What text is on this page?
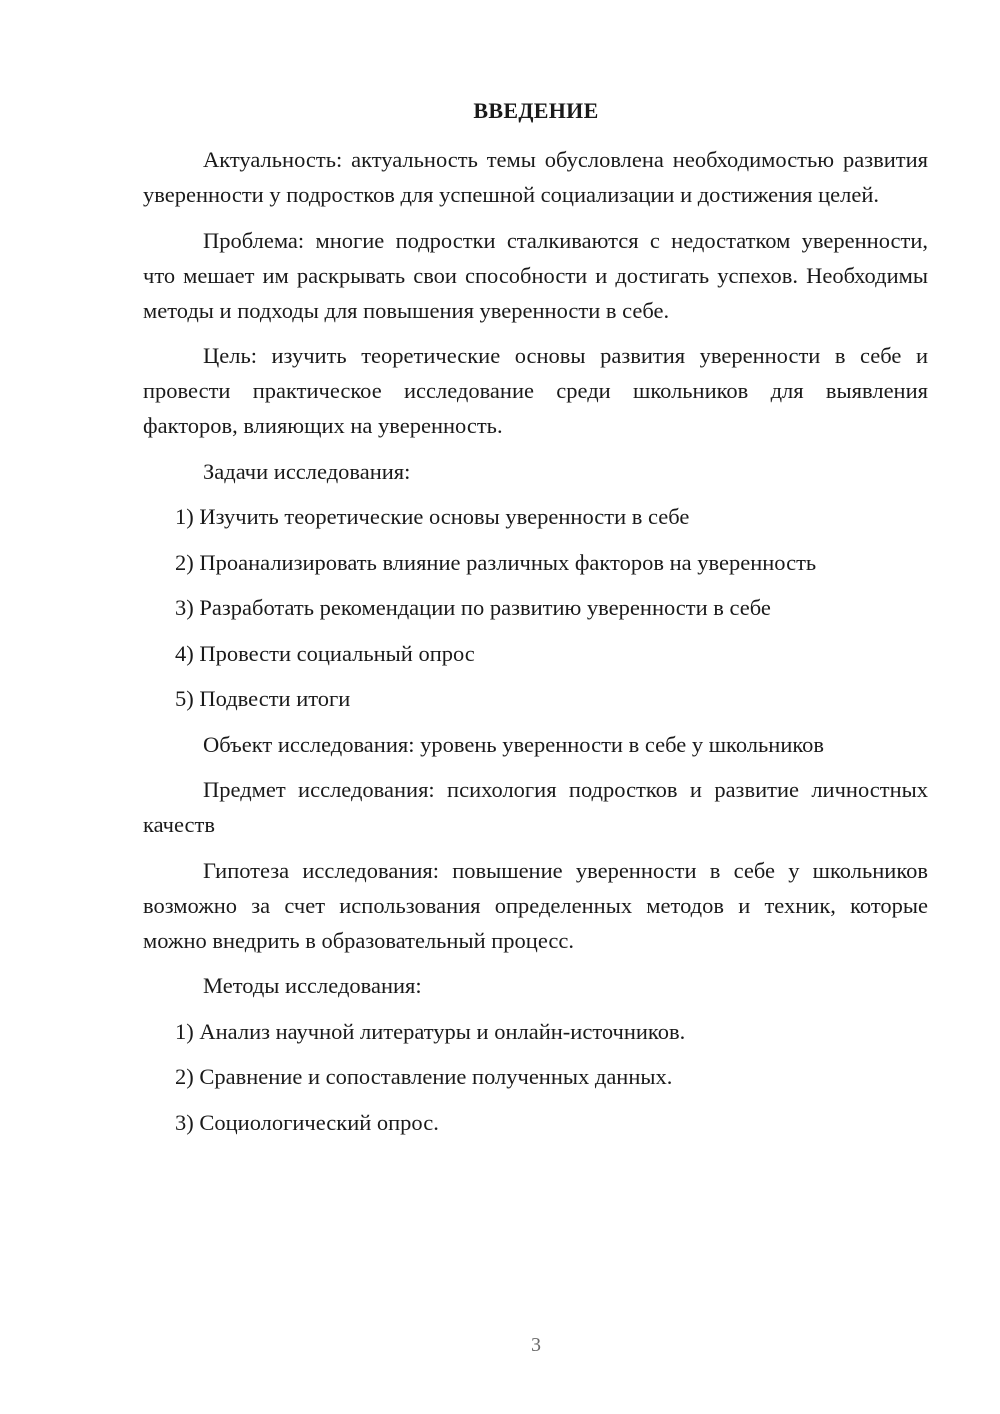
ВВЕДЕНИЕ

Актуальность: актуальность темы обусловлена необходимостью развития уверенности у подростков для успешной социализации и достижения целей.

Проблема: многие подростки сталкиваются с недостатком уверенности, что мешает им раскрывать свои способности и достигать успехов. Необходимы методы и подходы для повышения уверенности в себе.

Цель: изучить теоретические основы развития уверенности в себе и провести практическое исследование среди школьников для выявления факторов, влияющих на уверенность.

Задачи исследования:

1) Изучить теоретические основы уверенности в себе

2) Проанализировать влияние различных факторов на уверенность

3) Разработать рекомендации по развитию уверенности в себе

4) Провести социальный опрос

5) Подвести итоги

Объект исследования: уровень уверенности в себе у школьников

Предмет исследования: психология подростков и развитие личностных качеств

Гипотеза исследования: повышение уверенности в себе у школьников возможно за счет использования определенных методов и техник, которые можно внедрить в образовательный процесс.

Методы исследования:

1) Анализ научной литературы и онлайн-источников.

2) Сравнение и сопоставление полученных данных.

3) Социологический опрос.

3
